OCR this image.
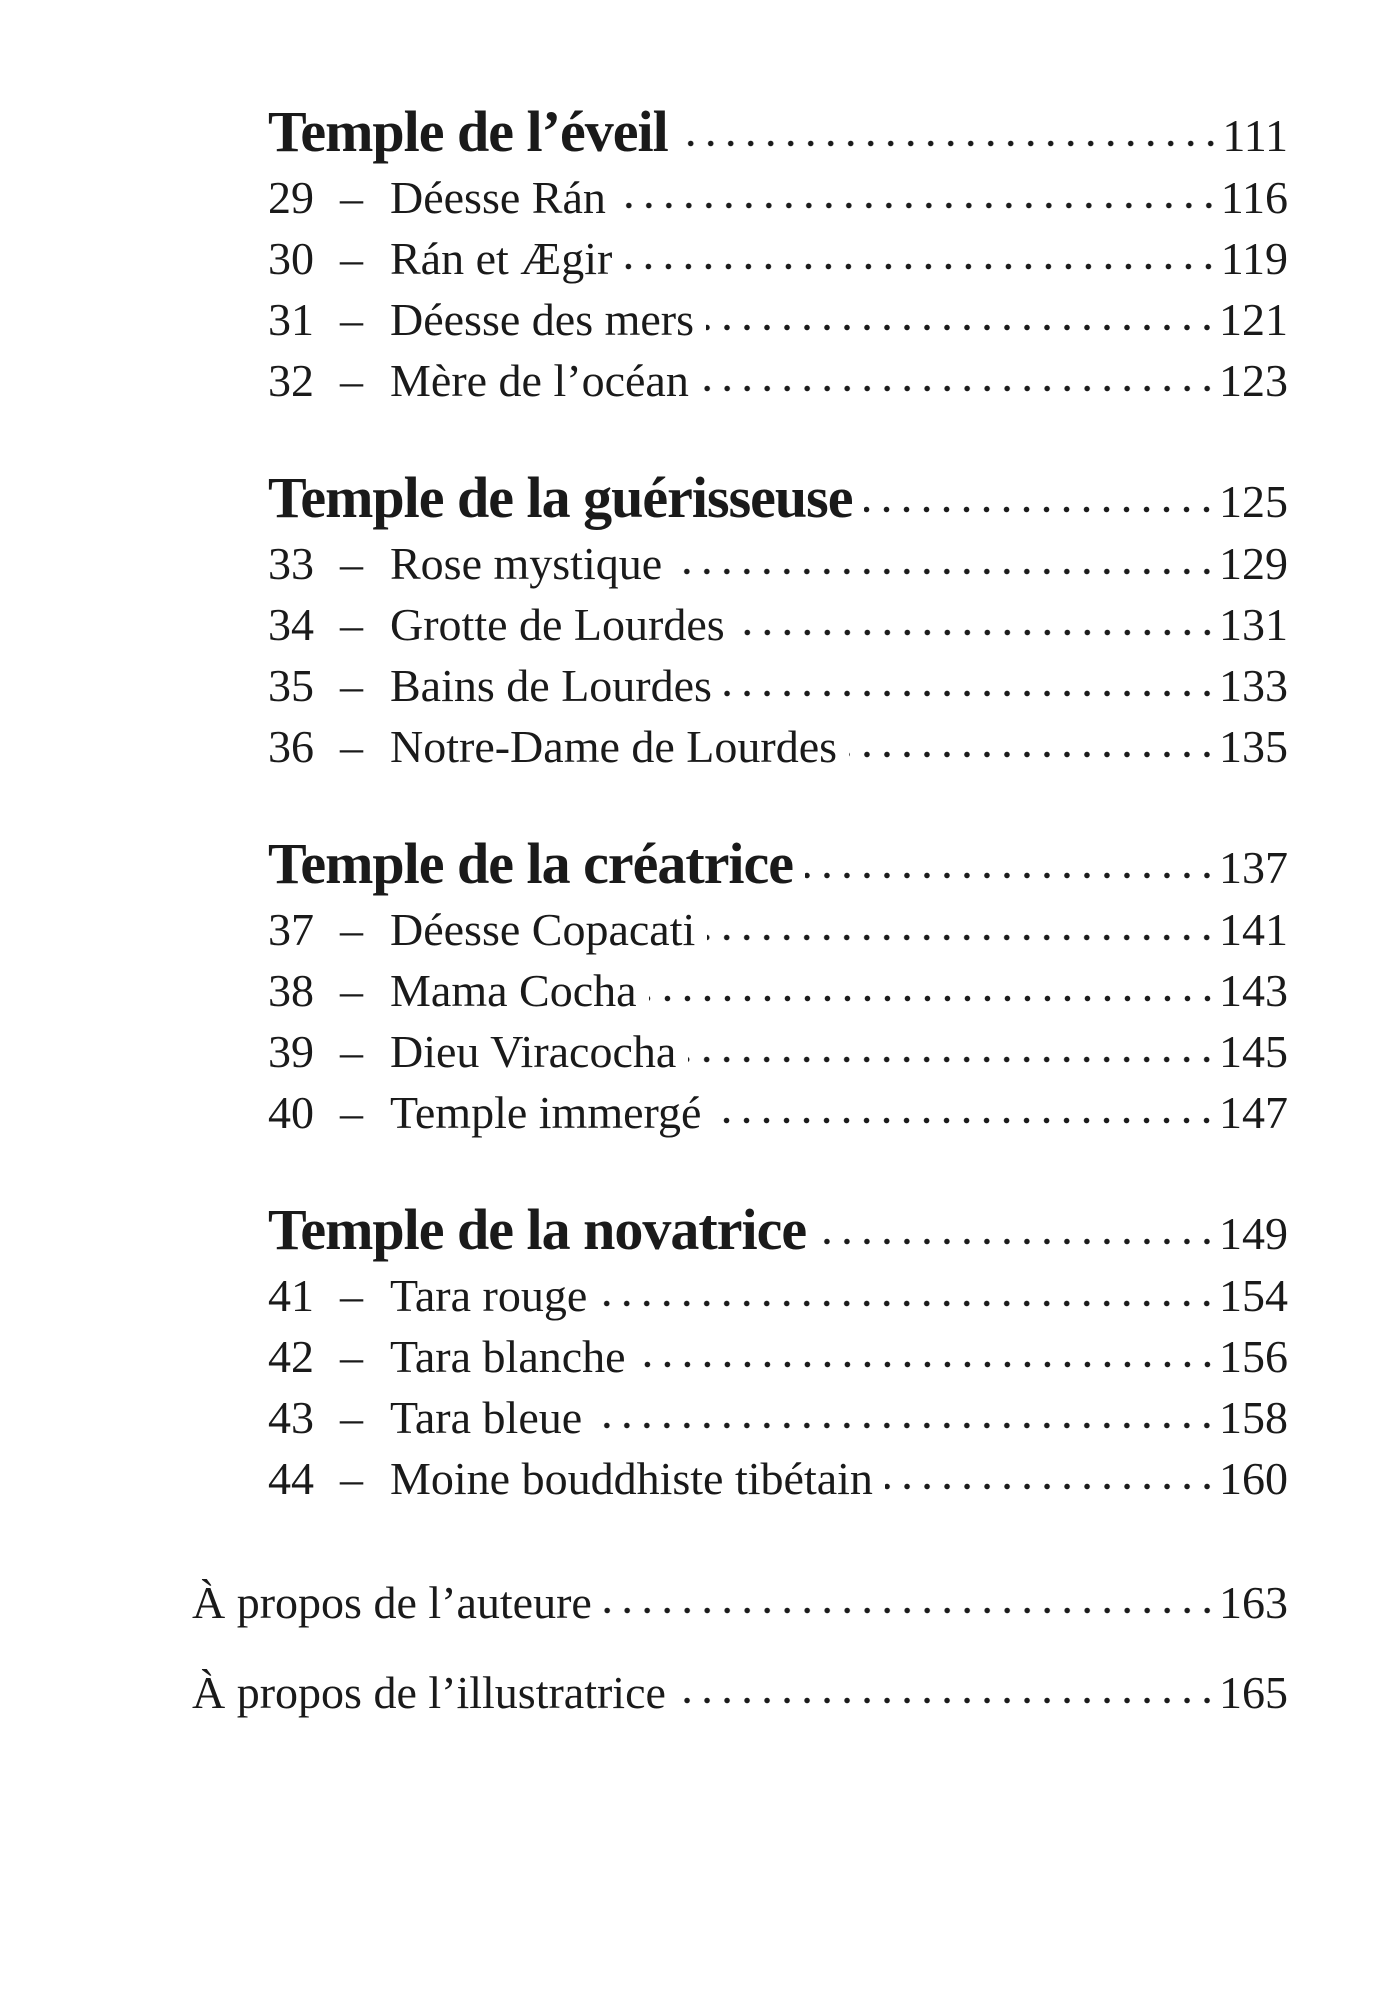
Temple de l’éveil	111
29 – Déesse Rán	116
30 – Rán et Ægir	119
31 – Déesse des mers	121
32 – Mère de l’océan	123
Temple de la guérisseuse	125
33 – Rose mystique	129
34 – Grotte de Lourdes	131
35 – Bains de Lourdes	133
36 – Notre-Dame de Lourdes	135
Temple de la créatrice	137
37 – Déesse Copacati	141
38 – Mama Cocha	143
39 – Dieu Viracocha	145
40 – Temple immergé	147
Temple de la novatrice	149
41 – Tara rouge	154
42 – Tara blanche	156
43 – Tara bleue	158
44 – Moine bouddhiste tibétain	160
À propos de l’auteure	163
À propos de l’illustratrice	165
